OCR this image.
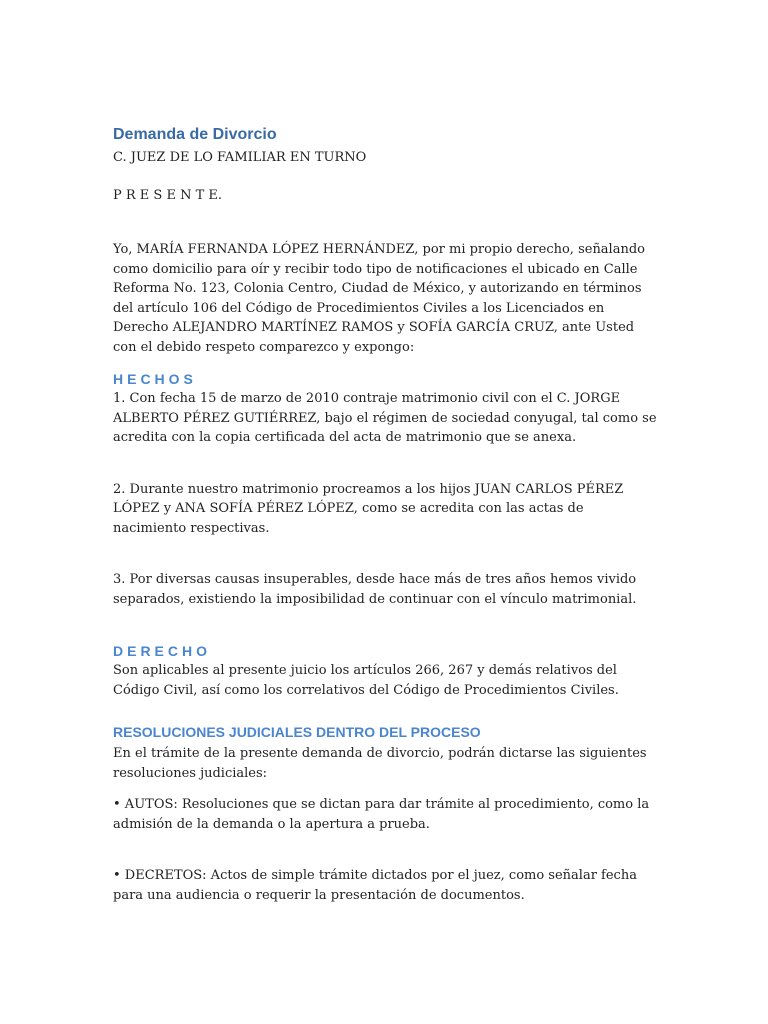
Demanda de Divorcio

C. JUEZ DE LO FAMILIAR EN TURNO

P R E S E N T E.

Yo, MARÍA FERNANDA LÓPEZ HERNÁNDEZ, por mi propio derecho, señalando como domicilio para oír y recibir todo tipo de notificaciones el ubicado en Calle Reforma No. 123, Colonia Centro, Ciudad de México, y autorizando en términos del artículo 106 del Código de Procedimientos Civiles a los Licenciados en Derecho ALEJANDRO MARTÍNEZ RAMOS y SOFÍA GARCÍA CRUZ, ante Usted con el debido respeto comparezco y expongo:

HECHOS

1. Con fecha 15 de marzo de 2010 contraje matrimonio civil con el C. JORGE ALBERTO PÉREZ GUTIÉRREZ, bajo el régimen de sociedad conyugal, tal como se acredita con la copia certificada del acta de matrimonio que se anexa.

2. Durante nuestro matrimonio procreamos a los hijos JUAN CARLOS PÉREZ LÓPEZ y ANA SOFÍA PÉREZ LÓPEZ, como se acredita con las actas de nacimiento respectivas.

3. Por diversas causas insuperables, desde hace más de tres años hemos vivido separados, existiendo la imposibilidad de continuar con el vínculo matrimonial.

DERECHO

Son aplicables al presente juicio los artículos 266, 267 y demás relativos del Código Civil, así como los correlativos del Código de Procedimientos Civiles.

RESOLUCIONES JUDICIALES DENTRO DEL PROCESO

En el trámite de la presente demanda de divorcio, podrán dictarse las siguientes resoluciones judiciales:

• AUTOS: Resoluciones que se dictan para dar trámite al procedimiento, como la admisión de la demanda o la apertura a prueba.

• DECRETOS: Actos de simple trámite dictados por el juez, como señalar fecha para una audiencia o requerir la presentación de documentos.
